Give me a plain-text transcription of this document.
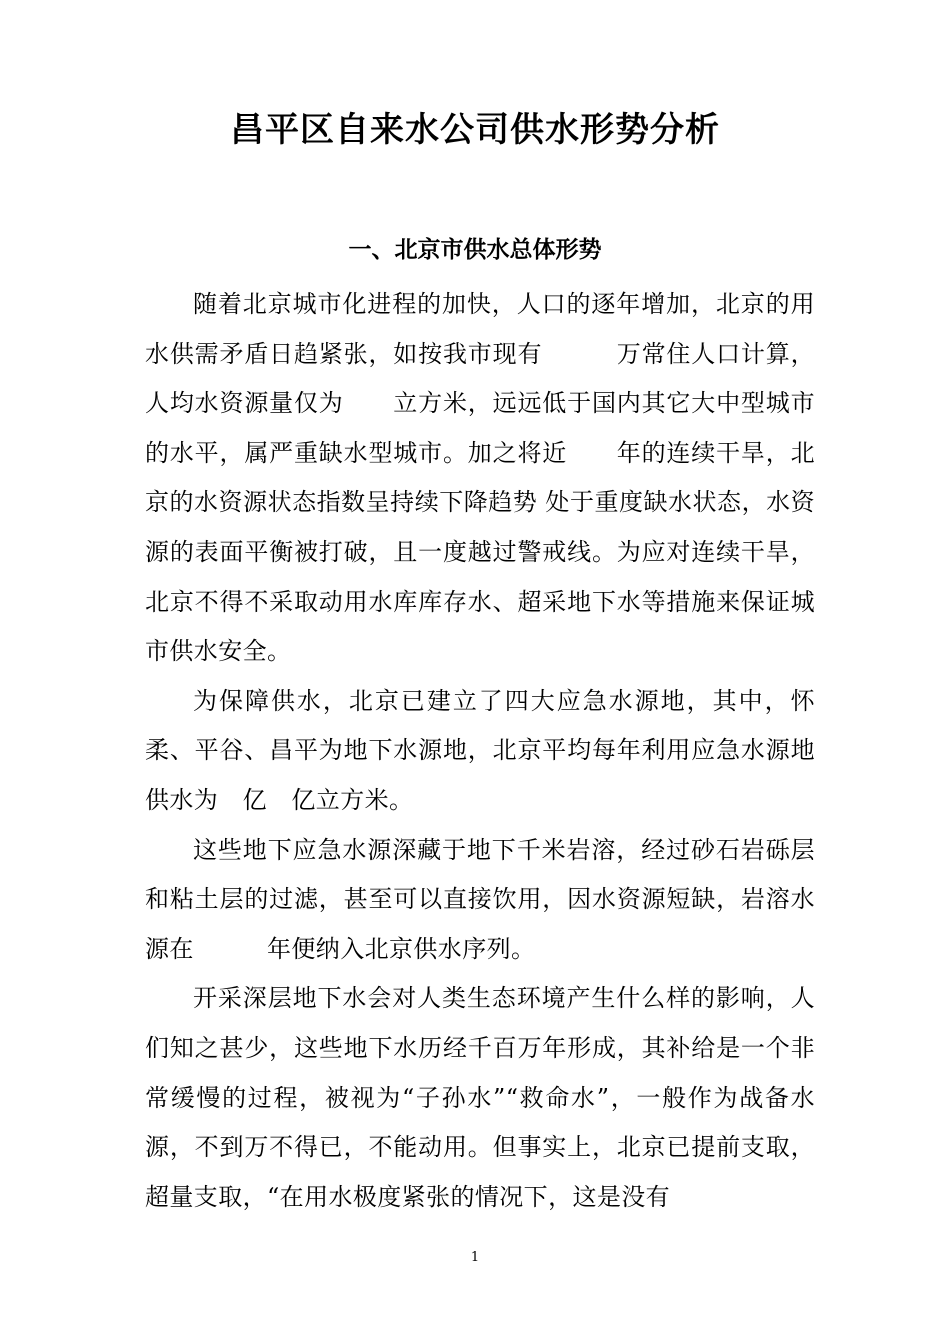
昌平区自来水公司供水形势分析
一、北京市供水总体形势

随着北京城市化进程的加快，人口的逐年增加，北京的用水供需矛盾日趋紧张，如按我市现有　　　万常住人口计算，人均水资源量仅为　　立方米，远远低于国内其它大中型城市的水平，属严重缺水型城市。加之将近　　年的连续干旱，北京的水资源状态指数呈持续下降趋势 处于重度缺水状态，水资源的表面平衡被打破，且一度越过警戒线。为应对连续干旱，北京不得不采取动用水库库存水、超采地下水等措施来保证城市供水安全。

为保障供水，北京已建立了四大应急水源地，其中，怀柔、平谷、昌平为地下水源地，北京平均每年利用应急水源地供水为　亿　亿立方米。

这些地下应急水源深藏于地下千米岩溶，经过砂石岩砾层和粘土层的过滤，甚至可以直接饮用，因水资源短缺，岩溶水源在　　　年便纳入北京供水序列。

开采深层地下水会对人类生态环境产生什么样的影响，人们知之甚少，这些地下水历经千百万年形成，其补给是一个非常缓慢的过程，被视为“子孙水”“救命水”，一般作为战备水源，不到万不得已，不能动用。但事实上，北京已提前支取，超量支取，“在用水极度紧张的情况下，这是没有

1
